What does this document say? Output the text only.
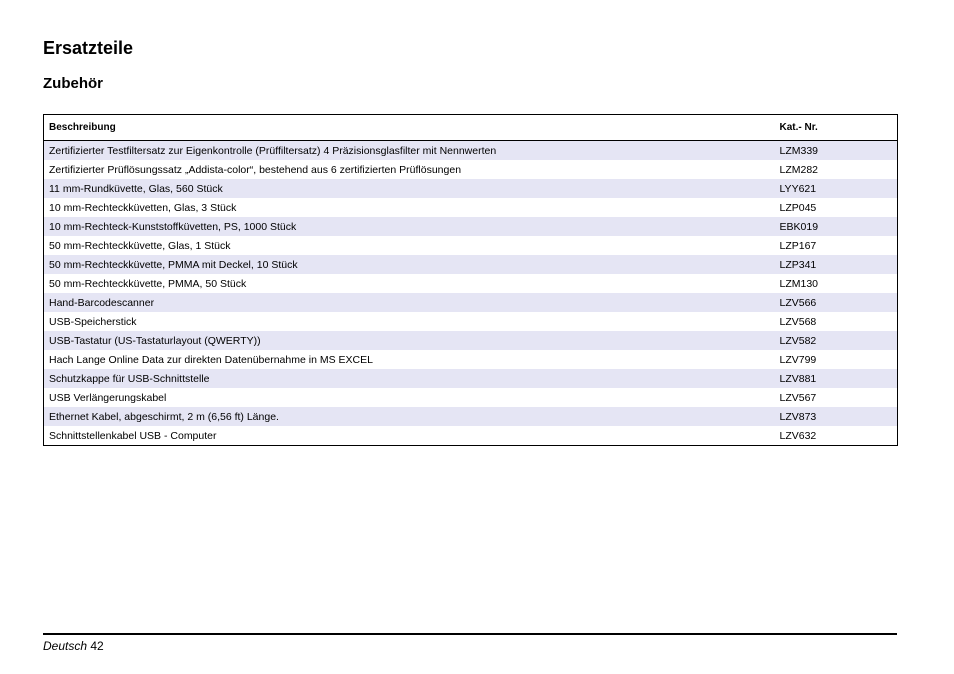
Ersatzteile
Zubehör
Beschreibung	Kat.- Nr.
Zertifizierter Testfiltersatz zur Eigenkontrolle (Prüffiltersatz) 4 Präzisionsglasfilter mit Nennwerten	LZM339
Zertifizierter Prüflösungssatz „Addista-color“, bestehend aus 6 zertifizierten Prüflösungen	LZM282
11 mm-Rundküvette, Glas, 560 Stück	LYY621
10 mm-Rechteckküvetten, Glas, 3 Stück	LZP045
10 mm-Rechteck-Kunststoffküvetten, PS, 1000 Stück	EBK019
50 mm-Rechteckküvette, Glas, 1 Stück	LZP167
50 mm-Rechteckküvette, PMMA mit Deckel, 10 Stück	LZP341
50 mm-Rechteckküvette, PMMA, 50 Stück	LZM130
Hand-Barcodescanner	LZV566
USB-Speicherstick	LZV568
USB-Tastatur (US-Tastaturlayout (QWERTY))	LZV582
Hach Lange Online Data zur direkten Datenübernahme in MS EXCEL	LZV799
Schutzkappe für USB-Schnittstelle	LZV881
USB Verlängerungskabel	LZV567
Ethernet Kabel, abgeschirmt, 2 m (6,56 ft) Länge.	LZV873
Schnittstellenkabel USB - Computer	LZV632
Deutsch 42
